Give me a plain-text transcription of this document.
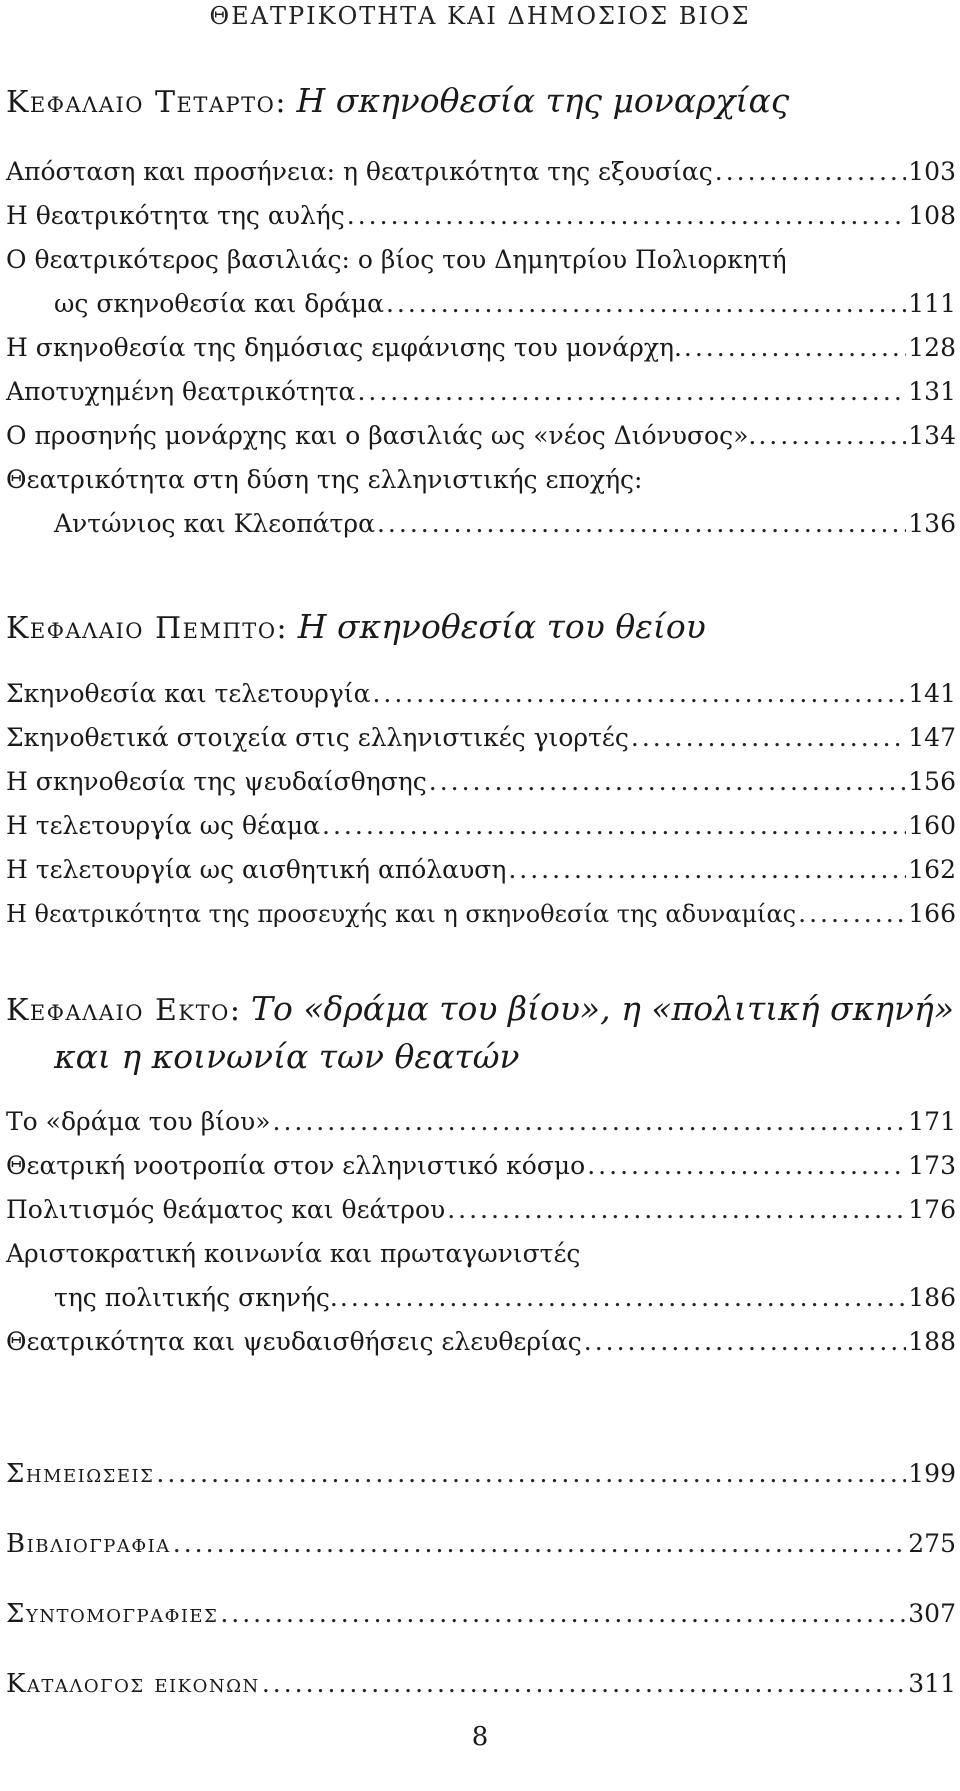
ΘΕΑΤΡΙΚΟΤΗΤΑ ΚΑΙ ΔΗΜΟΣΙΟΣ ΒΙΟΣ
Κεφαλαιο Τεταρτο: Η σκηνοθεσία της μοναρχίας
Απόσταση και προσήνεια: η θεατρικότητα της εξουσίας .....	103
Η θεατρικότητα της αυλής .....	108
Ο θεατρικότερος βασιλιάς: ο βίος του Δημητρίου Πολιορκητή
ως σκηνοθεσία και δράμα .....	111
Η σκηνοθεσία της δημόσιας εμφάνισης του μονάρχη. .....	128
Αποτυχημένη θεατρικότητα .....	131
Ο προσηνής μονάρχης και ο βασιλιάς ως «νέος Διόνυσος». .....	134
Θεατρικότητα στη δύση της ελληνιστικής εποχής:
Αντώνιος και Κλεοπάτρα .....	136
Κεφαλαιο Πεμπτο: Η σκηνοθεσία του θείου
Σκηνοθεσία και τελετουργία .....	141
Σκηνοθετικά στοιχεία στις ελληνιστικές γιορτές .....	147
Η σκηνοθεσία της ψευδαίσθησης .....	156
Η τελετουργία ως θέαμα .....	160
Η τελετουργία ως αισθητική απόλαυση .....	162
Η θεατρικότητα της προσευχής και η σκηνοθεσία της αδυναμίας .....	166
Κεφαλαιο Εκτο: Το «δράμα του βίου», η «πολιτική σκηνή»
και η κοινωνία των θεατών
Το «δράμα του βίου» .....	171
Θεατρική νοοτροπία στον ελληνιστικό κόσμο .....	173
Πολιτισμός θεάματος και θεάτρου .....	176
Αριστοκρατική κοινωνία και πρωταγωνιστές
της πολιτικής σκηνής. .....	186
Θεατρικότητα και ψευδαισθήσεις ελευθερίας .....	188
Σημειωσεις .....	199
Βιβλιογραφια .....	275
Συντομογραφιες .....	307
Καταλογος εικονων .....	311
8
